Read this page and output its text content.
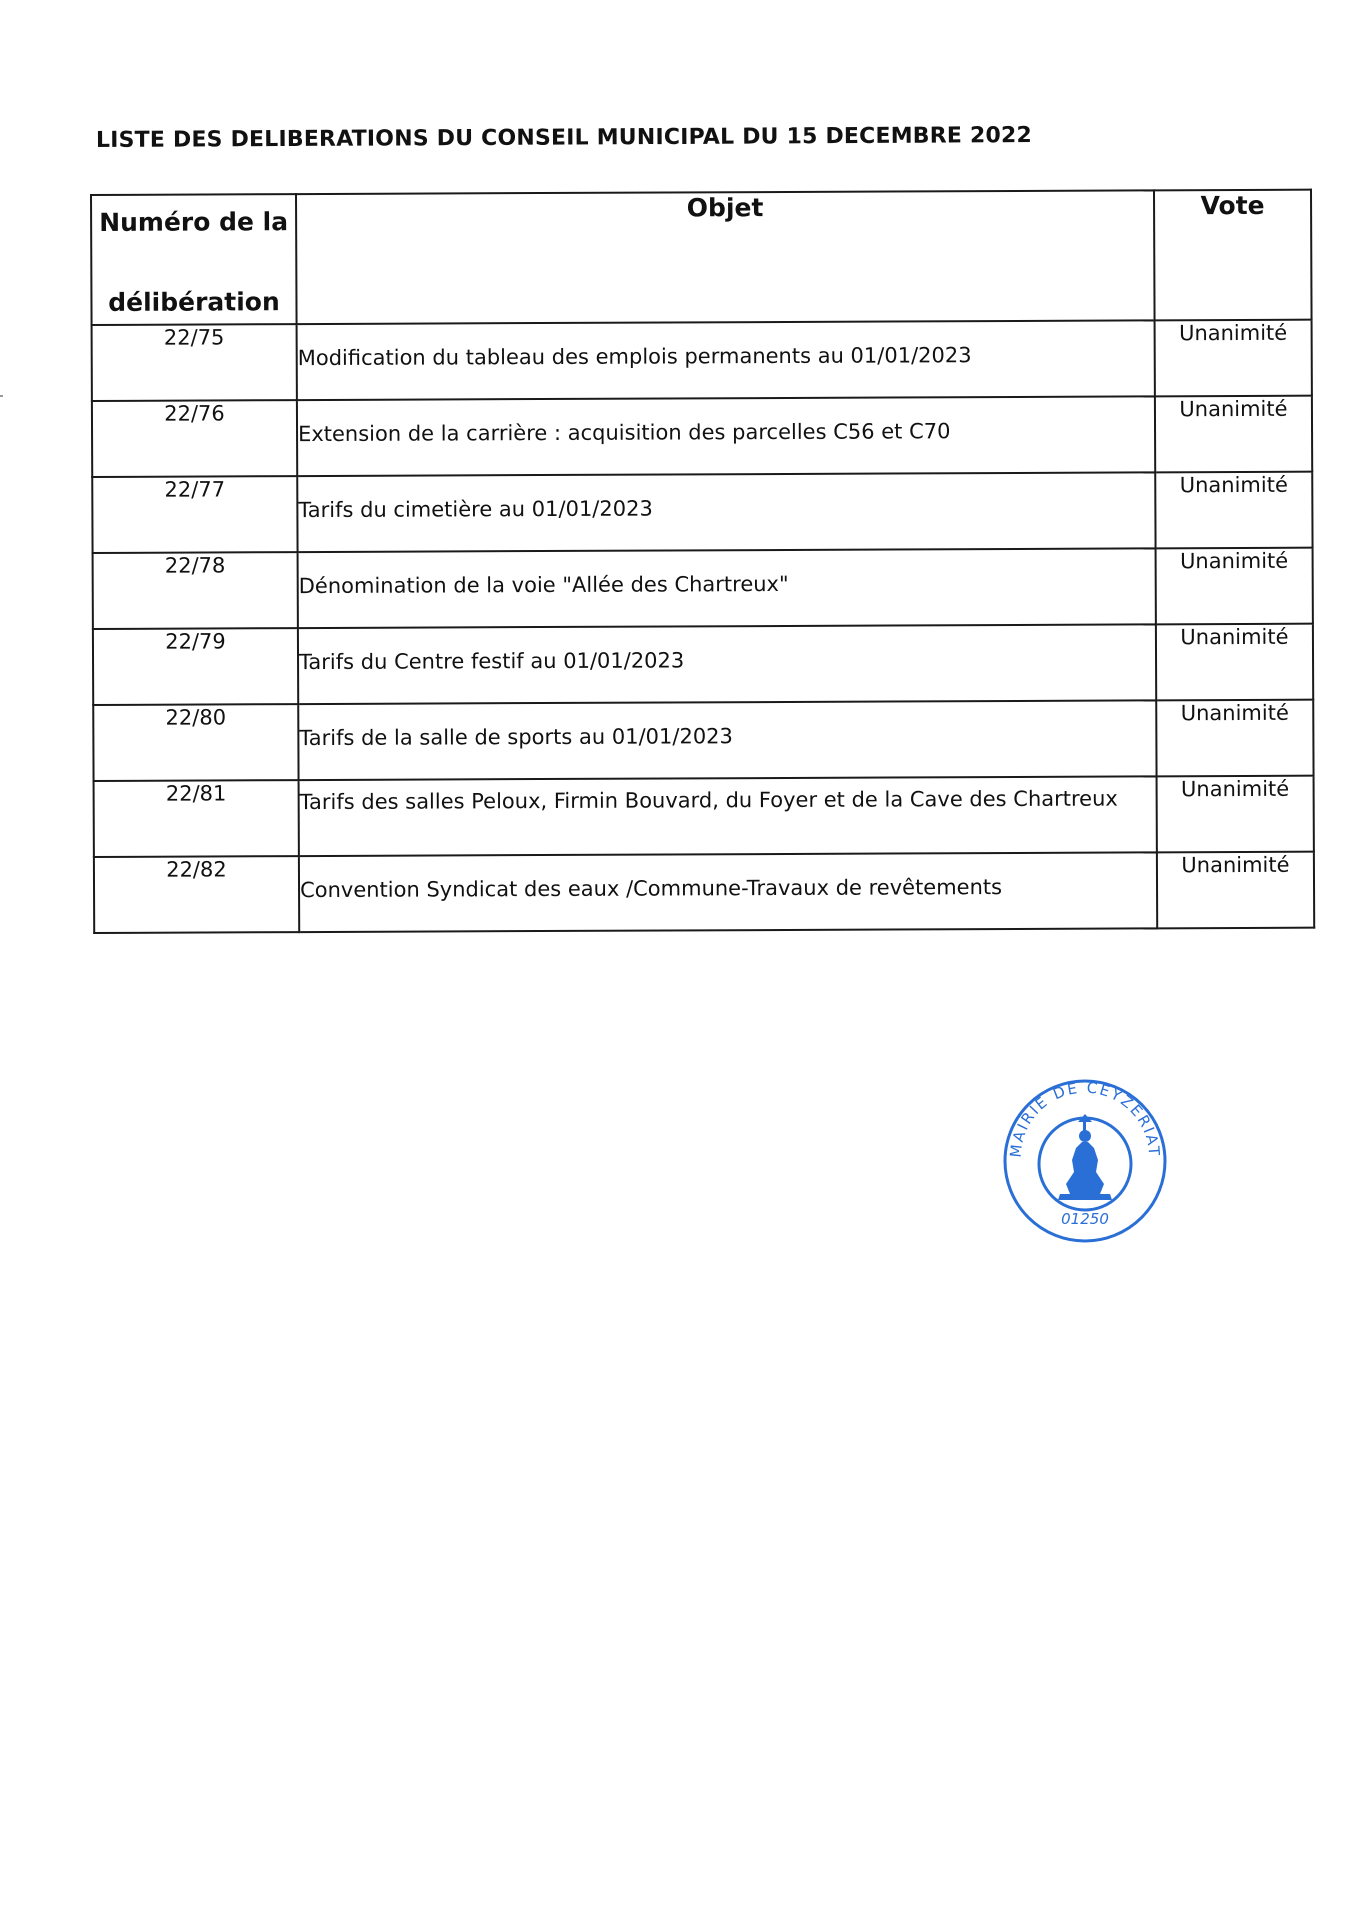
LISTE DES DELIBERATIONS DU CONSEIL MUNICIPAL DU 15 DECEMBRE 2022
Numéro de la
délibération	Objet	Vote
22/75	Modification du tableau des emplois permanents au 01/01/2023	Unanimité
22/76	Extension de la carrière : acquisition des parcelles C56 et C70	Unanimité
22/77	Tarifs du cimetière au 01/01/2023	Unanimité
22/78	Dénomination de la voie "Allée des Chartreux"	Unanimité
22/79	Tarifs du Centre festif au 01/01/2023	Unanimité
22/80	Tarifs de la salle de sports au 01/01/2023	Unanimité
22/81	Tarifs des salles Peloux, Firmin Bouvard, du Foyer et de la Cave des Chartreux	Unanimité
22/82	Convention Syndicat des eaux /Commune-Travaux de revêtements	Unanimité
MAIRIE DE CEYZÉRIAT
01250
